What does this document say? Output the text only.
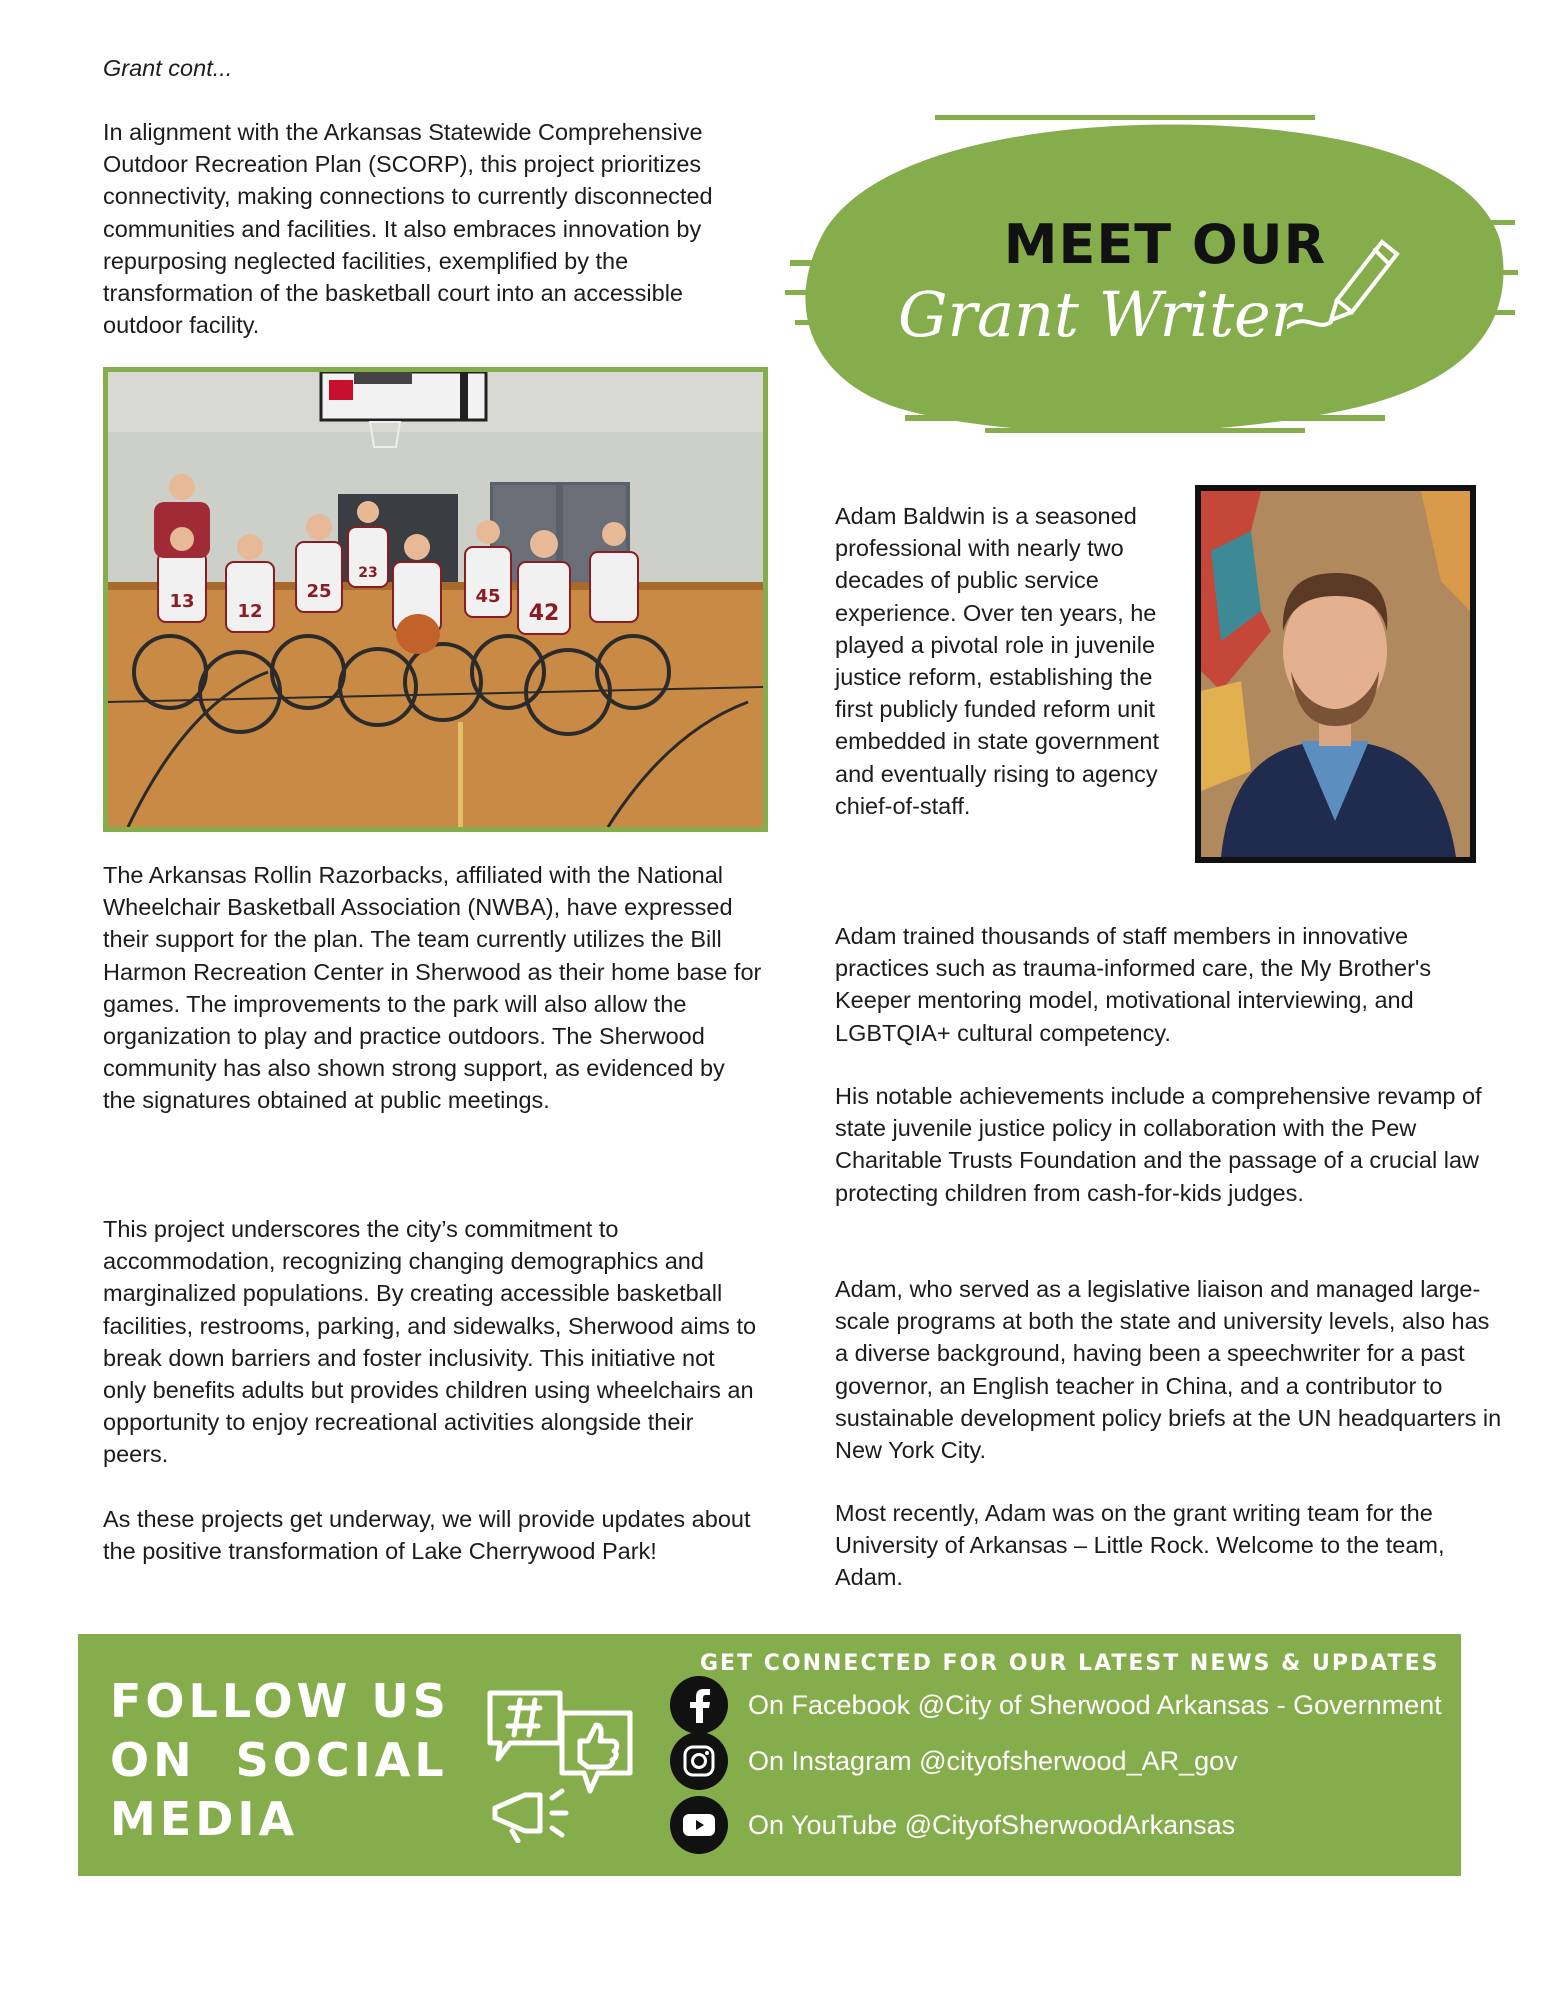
Grant cont...

In alignment with the Arkansas Statewide Comprehensive Outdoor Recreation Plan (SCORP), this project prioritizes connectivity, making connections to currently disconnected communities and facilities. It also embraces innovation by repurposing neglected facilities, exemplified by the transformation of the basketball court into an accessible outdoor facility.

13 12
25
23
45
42

The Arkansas Rollin Razorbacks, affiliated with the National Wheelchair Basketball Association (NWBA), have expressed their support for the plan. The team currently utilizes the Bill Harmon Recreation Center in Sherwood as their home base for games. The improvements to the park will also allow the organization to play and practice outdoors. The Sherwood community has also shown strong support, as evidenced by the signatures obtained at public meetings.

This project underscores the city’s commitment to accommodation, recognizing changing demographics and marginalized populations. By creating accessible basketball facilities, restrooms, parking, and sidewalks, Sherwood aims to break down barriers and foster inclusivity. This initiative not only benefits adults but provides children using wheelchairs an opportunity to enjoy recreational activities alongside their peers.

As these projects get underway, we will provide updates about the positive transformation of Lake Cherrywood Park!

MEET OUR
Grant Writer

Adam Baldwin is a seasoned professional with nearly two decades of public service experience. Over ten years, he played a pivotal role in juvenile justice reform, establishing the first publicly funded reform unit embedded in state government and eventually rising to agency chief-of-staff.

Adam trained thousands of staff members in innovative practices such as trauma-informed care, the My Brother's Keeper mentoring model, motivational interviewing, and LGBTQIA+ cultural competency.

His notable achievements include a comprehensive revamp of state juvenile justice policy in collaboration with the Pew Charitable Trusts Foundation and the passage of a crucial law protecting children from cash-for-kids judges.

Adam, who served as a legislative liaison and managed large-scale programs at both the state and university levels, also has a diverse background, having been a speechwriter for a past governor, an English teacher in China, and a contributor to sustainable development policy briefs at the UN headquarters in New York City.

Most recently, Adam was on the grant writing team for the University of Arkansas – Little Rock. Welcome to the team, Adam.

FOLLOW US
ON  SOCIAL
MEDIA
GET CONNECTED FOR OUR LATEST NEWS & UPDATES
On Facebook @City of Sherwood Arkansas - Government
On Instagram @cityofsherwood_AR_gov
On YouTube @CityofSherwoodArkansas
